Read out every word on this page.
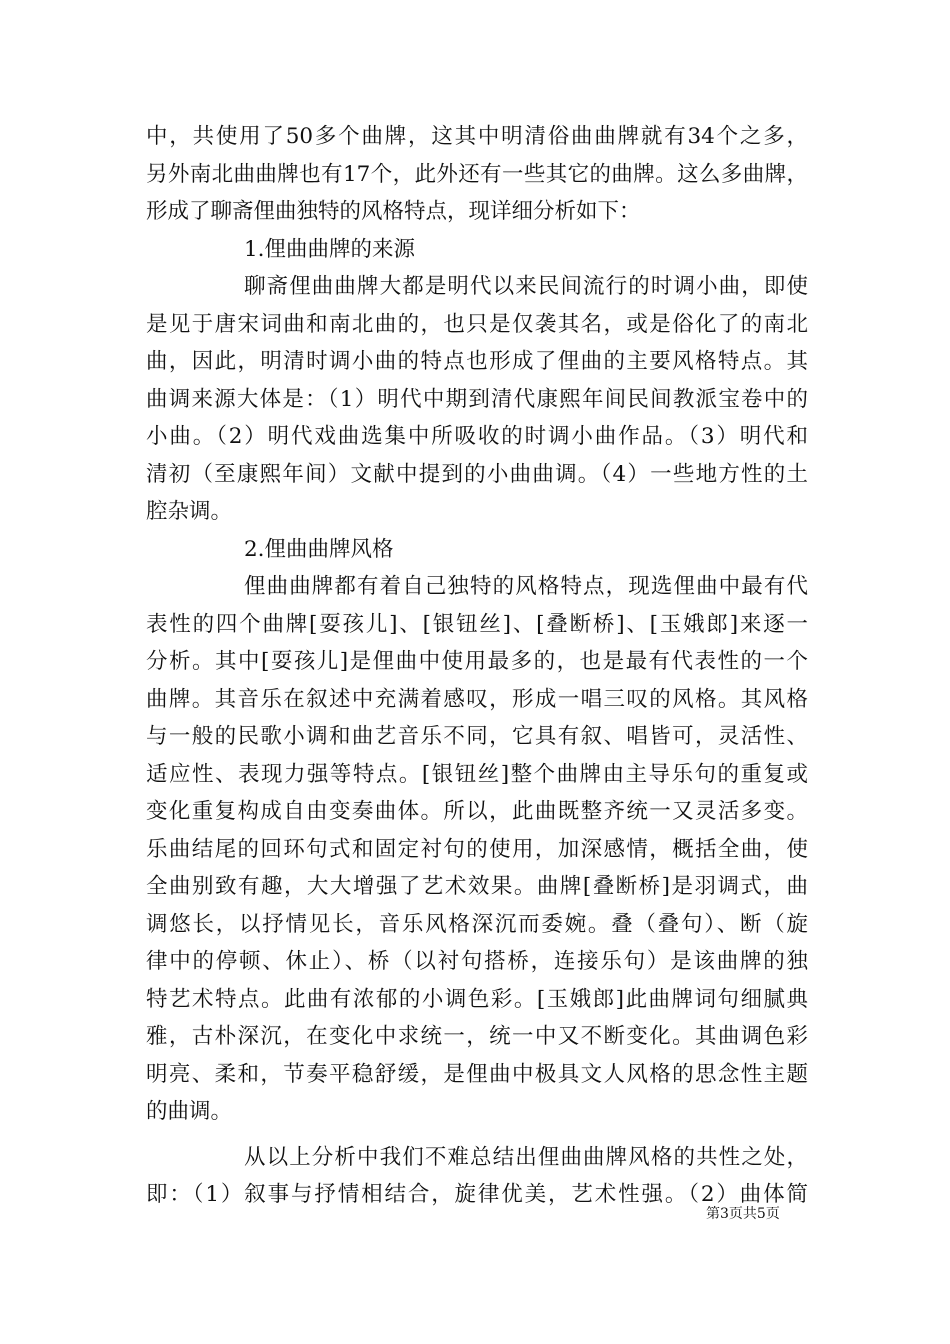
中，共使用了50多个曲牌，这其中明清俗曲曲牌就有34个之多，
另外南北曲曲牌也有17个，此外还有一些其它的曲牌。这么多曲牌，
形成了聊斋俚曲独特的风格特点，现详细分析如下：
1.俚曲曲牌的来源
聊斋俚曲曲牌大都是明代以来民间流行的时调小曲，即使
是见于唐宋词曲和南北曲的，也只是仅袭其名，或是俗化了的南北
曲，因此，明清时调小曲的特点也形成了俚曲的主要风格特点。其
曲调来源大体是：（1）明代中期到清代康熙年间民间教派宝卷中的
小曲。（2）明代戏曲选集中所吸收的时调小曲作品。（3）明代和
清初（至康熙年间）文献中提到的小曲曲调。（4）一些地方性的土
腔杂调。
2.俚曲曲牌风格
俚曲曲牌都有着自己独特的风格特点，现选俚曲中最有代
表性的四个曲牌[耍孩儿]、[银钮丝]、[叠断桥]、[玉娥郎]来逐一
分析。其中[耍孩儿]是俚曲中使用最多的，也是最有代表性的一个
曲牌。其音乐在叙述中充满着感叹，形成一唱三叹的风格。其风格
与一般的民歌小调和曲艺音乐不同，它具有叙、唱皆可，灵活性、
适应性、表现力强等特点。[银钮丝]整个曲牌由主导乐句的重复或
变化重复构成自由变奏曲体。所以，此曲既整齐统一又灵活多变。
乐曲结尾的回环句式和固定衬句的使用，加深感情，概括全曲，使
全曲别致有趣，大大增强了艺术效果。曲牌[叠断桥]是羽调式，曲
调悠长，以抒情见长，音乐风格深沉而委婉。叠（叠句）、断（旋
律中的停顿、休止）、桥（以衬句搭桥，连接乐句）是该曲牌的独
特艺术特点。此曲有浓郁的小调色彩。[玉娥郎]此曲牌词句细腻典
雅，古朴深沉，在变化中求统一，统一中又不断变化。其曲调色彩
明亮、柔和，节奏平稳舒缓，是俚曲中极具文人风格的思念性主题
的曲调。
从以上分析中我们不难总结出俚曲曲牌风格的共性之处，
即：（1）叙事与抒情相结合，旋律优美，艺术性强。（2）曲体简
第3页共5页
